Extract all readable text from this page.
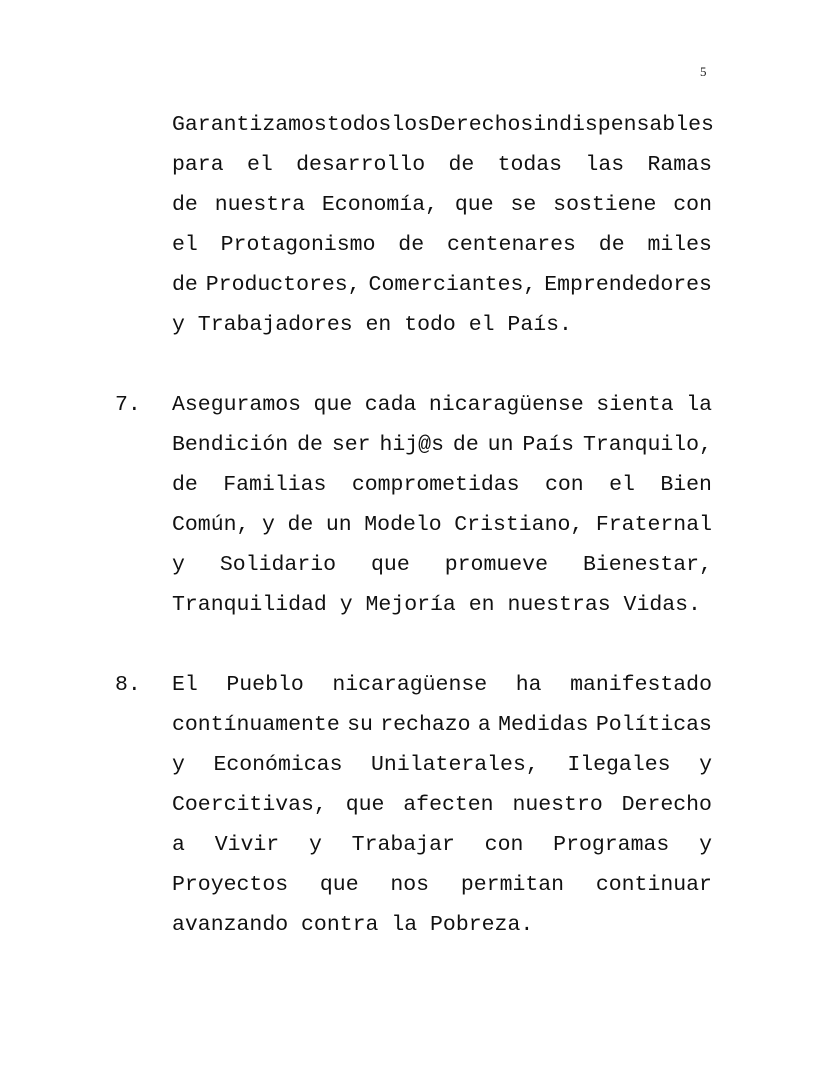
5
Garantizamos todos los Derechos indispensables
para el desarrollo de todas las Ramas
de nuestra Economía, que se sostiene con
el Protagonismo de centenares de miles
de Productores, Comerciantes, Emprendedores
y Trabajadores en todo el País.
7. Aseguramos que cada nicaragüense sienta la
Bendición de ser hij@s de un País Tranquilo,
de Familias comprometidas con el Bien
Común, y de un Modelo Cristiano, Fraternal
y Solidario que promueve Bienestar,
Tranquilidad y Mejoría en nuestras Vidas.
8. El Pueblo nicaragüense ha manifestado
contínuamente su rechazo a Medidas Políticas
y Económicas Unilaterales, Ilegales y
Coercitivas, que afecten nuestro Derecho
a Vivir y Trabajar con Programas y
Proyectos que nos permitan continuar
avanzando contra la Pobreza.
